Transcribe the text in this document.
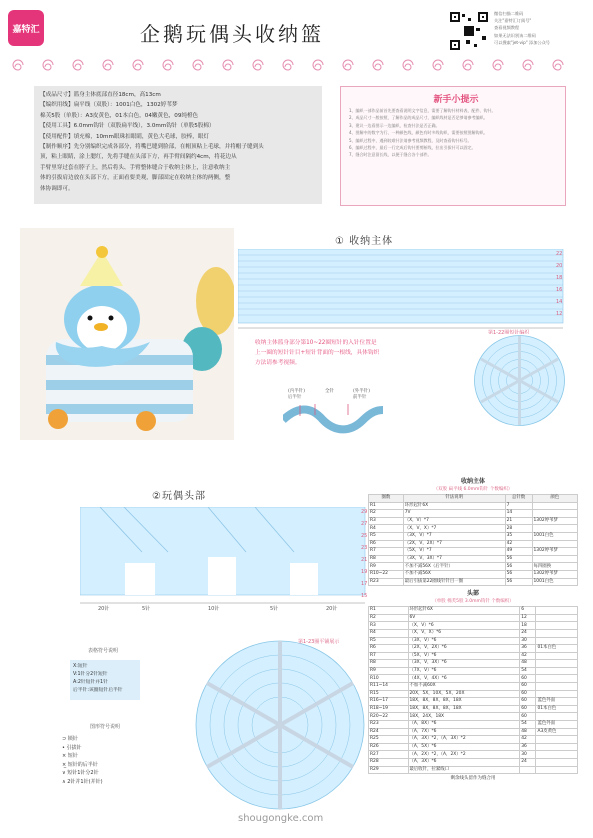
嘉特汇	企鹅玩偶头收纳篮
微信扫描二维码
关注"嘉特汇订阅号"
查看视频教程
如果无法识别该二维码
可以搜索"jet-vip" 添加公众号
【成品尺寸】篮身主体底部直径18cm，高13cm
【编织用线】扁平线（双股）：1001白色，1302婷苇梦
棉芙5股（单股）：A3皮黄色，01本白色，04嫩黄色，09纯橙色
【使用工具】6.0mm钩针（双股扁平线），3.0mm钩针（单股5股棉）
【使用配件】填充棉，10mm眼珠扣眼睛，黄色大毛球，胶棒，眼灯
【制作顺序】先分别编织完成各部分，将嘴巴缝到脸部，在帽顶粘上毛球，并将帽子缝到头
顶，粘上眼睛，涂上腮红，先将手缝在头部下方，再手臂间隔约4cm，将花边从
手臂里穿过套在脖子上，然后将头、手臂整体缝合于收纳主体上，注意收纳主
体的引拔肩边放在头部下方，正面看要美观，脚部固定在收纳主体的两侧，整
体协调即可。
新手小提示
1、编织一部作品前首先要查看说明文字信息，需要了解钩针材料表、配件、钩针。
2、成品尺寸一般按照，了解作品的成品尺寸，编织线材是否足够请参考编织。
3、建议一边看图示一边编织，检查针法是否正确。
4、图解中的数字为行、一种颜色线，颜色有时多线钩织，需要按照图解钩织。
5、编织过程中，遇到较难针法请参考视频教程，及时查看钩针标号。
6、编织过程中，最后一行完成后钩针要剪断线，拉出引拔针可以固定。
7、缝合时注意留长线，以便于缝合各个部件。
① 收纳主体
22
20
18
16
14
12
第1-22圈短针编织
收纳主体篮身部分第10~22圈短针的入针位置是
上一圈的短针针目+短针背面的一根线，具体钩织
方法请参考视频。
(内半针)
后半针
全针	(外半针)
前半针
②玩偶头部
29
27
25
23
21
19
17
15
20针	5针	10针	5针	20针
第1-23圈平铺展示
表格符号说明
X:短针
V:1针分2针短针
A:2针短针并1针
后半针:该圈短针后半针
图形符号说明
⊃ 锁针
• 引拔针
× 短针
×̲ 短针的后半针
∨ 短针1针分2针
∧ 2针并1针(并针)
收纳主体
（双股 扁平线 6.0mm钩针 个数编织）
圈数	针法说明	总针数	颜色
R1	环形起针6X	7	
R2	7V	14	
R3	（X，V）*7	21	1302婷苇梦
R4	（X，V，X）*7	28	
R5	（3X，V）*7	35	1001白色
R6	（2X，V，2X）*7	42	
R7	（5X，V）*7	49	1302婷苇梦
R8	（3X，V，3X）*7	56	
R9	不加不减56X（后半针）	56	每四圈换
R10~22	不加不减56X	56	1302婷苇梦
R23	最后引拔第22圈线针针目一圈	56	1001白色
头部
（单股 棉芙5股 3.0mm钩针 个数编织）
R1	环形起针6X	6	
R2	6V	12	
R3	（X，V）*6	18	
R4	（X，V，X）*6	24	
R5	（3X，V）*6	30	
R6	（2X，V，2X）*6	36	01本白色
R7	（5X，V）*6	42	
R8	（3X，V，3X）*6	48	
R9	（7X，V）*6	54	
R10	（4X，V，4X）*6	60	
R11~14	不加不减60X	60	
R15	20X，5X，10X，5X，20X	60	
R16~17	18X，8X，8X，8X，18X	60	蓝色外面
R18~19	18X，8X，8X，8X，18X	60	01本白色
R20~22	18X，24X，18X	60	
R23	（A，8X）*6	54	蓝色外面
R24	（A，7X）*6	48	A3皮黄色
R25	（A，3X）*2，（A，3X）*2	42	
R26	（A，5X）*6	36	
R27	（A，2X）*2，（A，2X）*2	30	
R28	（A，3X）*6	24	
R29	最后收针，拉紧线口		
剩余线头留作为缝合用
shougongke.com
